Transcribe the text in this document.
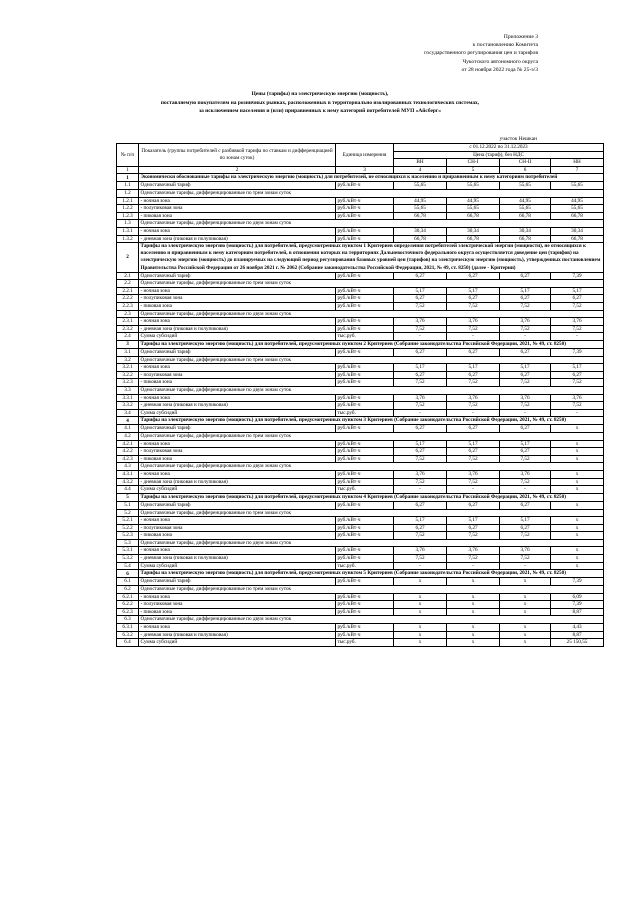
Приложение 3
к постановлению Комитета
государственного регулирования цен и тарифов
Чукотского автономного округа
от 28 ноября 2022 года № 25-э/3
Цены (тарифы) на электрическую энергию (мощность),
поставляемую покупателям на розничных рынках, расположенных в территориально изолированных технологических системах,
за исключением населения и (или) приравненных к нему категорий потребителей МУП «Айсберг»
участок Нешкан
№ п/п	Показатель (группы потребителей с разбивкой тарифа по ставкам и дифференциацией по зонам суток)	Единица измерения	с 01.12.2022 по 31.12.2023			
			Цена (тариф), без НДС			
			ВН	СН-I	СН-II	НН
1	2	3	4	5	6	7
1	Экономически обоснованные тарифы на электрическую энергию (мощность) для потребителей, не относящихся к населению и приравненным к нему категориям потребителей					
1.1	Одноставочный тариф	руб./кВт·ч	55,65	55,65	55,65	55,65
1.2	Одноставочные тарифы, дифференцированные по трем зонам суток					
1.2.1	- ночная зона	руб./кВт·ч	44,95	44,95	44,95	44,95
1.2.2	- полупиковая зона	руб./кВт·ч	55,65	55,65	55,65	55,65
1.2.3	- пиковая зона	руб./кВт·ч	66,78	66,78	66,78	66,78
1.3	Одноставочные тарифы, дифференцированные по двум зонам суток					
1.3.1	- ночная зона	руб./кВт·ч	30,34	30,34	30,34	30,34
1.3.2	- дневная зона (пиковая и полупиковая)	руб./кВт·ч	66,78	66,78	66,78	66,78
2	Тарифы на электрическую энергию (мощность) для потребителей, предусмотренных пунктом 1 Критериев определения потребителей электрической энергии (мощности), не относящихся к населению и приравненным к нему категориям потребителей, в отношении которых на территориях Дальневосточного федерального округа осуществляется доведение цен (тарифов) на электрическую энергию (мощность) до планируемых на следующий период регулирования базовых уровней цен (тарифов) на электрическую энергию (мощность), утвержденных постановлением Правительства Российской Федерации от 26 ноября 2021 г. № 2062 (Собрание законодательства Российской Федерации, 2021, № 49, ст. 8250) (далее - Критерии)					
2.1	Одноставочный тариф	руб./кВт·ч	6,27	6,27	6,27	7,39
2.2	Одноставочные тарифы, дифференцированные по трем зонам суток					
2.2.1	- ночная зона	руб./кВт·ч	5,17	5,17	5,17	5,17
2.2.2	- полупиковая зона	руб./кВт·ч	6,27	6,27	6,27	6,27
2.2.3	- пиковая зона	руб./кВт·ч	7,52	7,52	7,52	7,52
2.3	Одноставочные тарифы, дифференцированные по двум зонам суток					
2.3.1	- ночная зона	руб./кВт·ч	3,76	3,76	3,76	3,76
2.3.2	- дневная зона (пиковая и полупиковая)	руб./кВт·ч	7,52	7,52	7,52	7,52
2.4	Сумма субсидий	тыс.руб.	-	-	-	-
3	Тарифы на электрическую энергию (мощность) для потребителей, предусмотренных пунктом 2 Критериев (Собрание законодательства Российской Федерации, 2021, № 49, ст. 8250)					
3.1	Одноставочный тариф	руб./кВт·ч	6,27	6,27	6,27	7,39
3.2	Одноставочные тарифы, дифференцированные по трем зонам суток					
3.2.1	- ночная зона	руб./кВт·ч	5,17	5,17	5,17	5,17
3.2.2	- полупиковая зона	руб./кВт·ч	6,27	6,27	6,27	6,27
3.2.3	- пиковая зона	руб./кВт·ч	7,52	7,52	7,52	7,52
3.3	Одноставочные тарифы, дифференцированные по двум зонам суток					
3.3.1	- ночная зона	руб./кВт·ч	3,76	3,76	3,76	3,76
3.3.2	- дневная зона (пиковая и полупиковая)	руб./кВт·ч	7,52	7,52	7,52	7,52
3.4	Сумма субсидий	тыс.руб.	-	-	-	-
4	Тарифы на электрическую энергию (мощность) для потребителей, предусмотренных пунктом 3 Критериев (Собрание законодательства Российской Федерации, 2021, № 49, ст. 8250)					
4.1	Одноставочный тариф	руб./кВт·ч	6,27	6,27	6,27	x
4.2	Одноставочные тарифы, дифференцированные по трем зонам суток					
4.2.1	- ночная зона	руб./кВт·ч	5,17	5,17	5,17	x
4.2.2	- полупиковая зона	руб./кВт·ч	6,27	6,27	6,27	x
4.2.3	- пиковая зона	руб./кВт·ч	7,52	7,52	7,52	x
4.3	Одноставочные тарифы, дифференцированные по двум зонам суток					
4.3.1	- ночная зона	руб./кВт·ч	3,76	3,76	3,76	x
4.3.2	- дневная зона (пиковая и полупиковая)	руб./кВт·ч	7,52	7,52	7,52	x
4.4	Сумма субсидий	тыс.руб.	-	-	-	x
5	Тарифы на электрическую энергию (мощность) для потребителей, предусмотренных пунктом 4 Критериев (Собрание законодательства Российской Федерации, 2021, № 49, ст. 8250)					
5.1	Одноставочный тариф	руб./кВт·ч	6,27	6,27	6,27	x
5.2	Одноставочные тарифы, дифференцированные по трем зонам суток					
5.2.1	- ночная зона	руб./кВт·ч	5,17	5,17	5,17	x
5.2.2	- полупиковая зона	руб./кВт·ч	6,27	6,27	6,27	x
5.2.3	- пиковая зона	руб./кВт·ч	7,52	7,52	7,52	x
5.3	Одноставочные тарифы, дифференцированные по двум зонам суток					
5.3.1	- ночная зона	руб./кВт·ч	3,76	3,76	3,76	x
5.3.2	- дневная зона (пиковая и полупиковая)	руб./кВт·ч	7,52	7,52	7,52	x
5.4	Сумма субсидий	тыс.руб.	-	-	-	x
6	Тарифы на электрическую энергию (мощность) для потребителей, предусмотренных пунктом 5 Критериев (Собрание законодательства Российской Федерации, 2021, № 49, ст. 8250)					
6.1	Одноставочный тариф	руб./кВт·ч	x	x	x	7,39
6.2	Одноставочные тарифы, дифференцированные по трем зонам суток					
6.2.1	- ночная зона	руб./кВт·ч	x	x	x	6,09
6.2.2	- полупиковая зона	руб./кВт·ч	x	x	x	7,39
6.2.3	- пиковая зона	руб./кВт·ч	x	x	x	8,87
6.3	Одноставочные тарифы, дифференцированные по двум зонам суток					
6.3.1	- ночная зона	руб./кВт·ч	x	x	x	4,43
6.3.2	- дневная зона (пиковая и полупиковая)	руб./кВт·ч	x	x	x	8,87
6.4	Сумма субсидий	тыс.руб.	x	x	x	25 150,55
